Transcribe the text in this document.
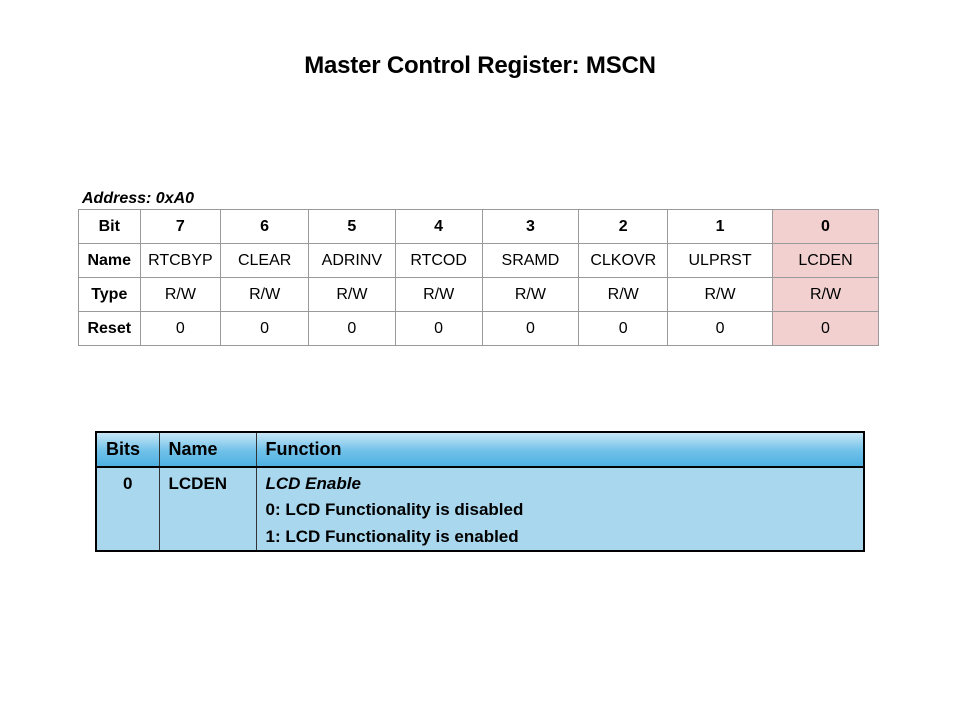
Master Control Register: MSCN
Address: 0xA0
Bit	7	6	5	4	3	2	1	0
Name	RTCBYP	CLEAR	ADRINV	RTCOD	SRAMD	CLKOVR	ULPRST	LCDEN
Type	R/W	R/W	R/W	R/W	R/W	R/W	R/W	R/W
Reset	0	0	0	0	0	0	0	0
Bits	Name	Function
0	LCDEN	LCD Enable
0: LCD Functionality is disabled
1: LCD Functionality is enabled
